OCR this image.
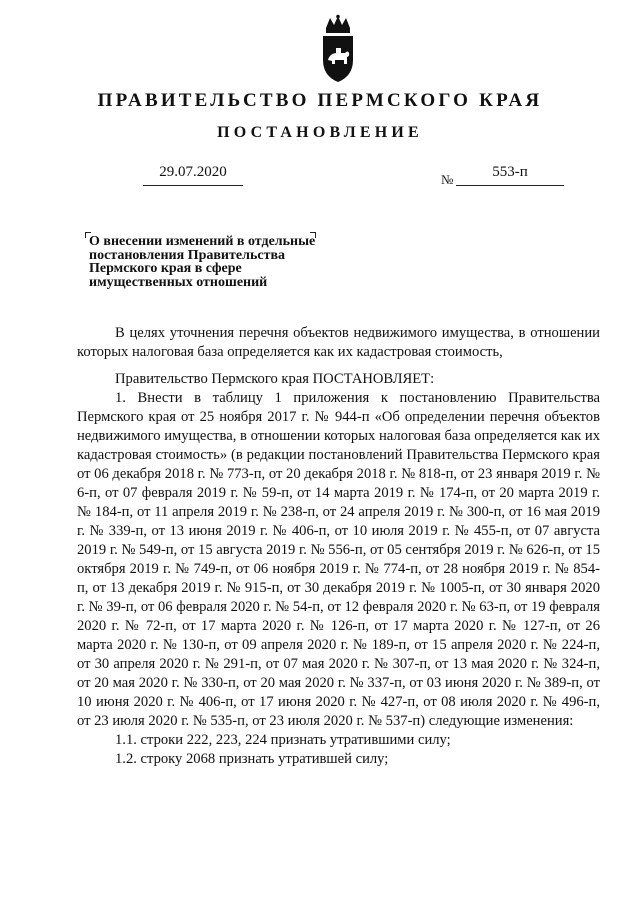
ПРАВИТЕЛЬСТВО ПЕРМСКОГО КРАЯ
ПОСТАНОВЛЕНИЕ
29.07.2020	№	553-п
О внесении изменений в отдельные
постановления Правительства
Пермского края в сфере
имущественных отношений

В целях уточнения перечня объектов недвижимого имущества, в отношении которых налоговая база определяется как их кадастровая стоимость,

Правительство Пермского края ПОСТАНОВЛЯЕТ:

1. Внести в таблицу 1 приложения к постановлению Правительства Пермского края от 25 ноября 2017 г. № 944-п «Об определении перечня объектов недвижимого имущества, в отношении которых налоговая база определяется как их кадастровая стоимость» (в редакции постановлений Правительства Пермского края от 06 декабря 2018 г. № 773-п, от 20 декабря 2018 г. № 818-п, от 23 января 2019 г. № 6-п, от 07 февраля 2019 г. № 59-п, от 14 марта 2019 г. № 174-п, от 20 марта 2019 г. № 184-п, от 11 апреля 2019 г. № 238-п, от 24 апреля 2019 г. № 300-п, от 16 мая 2019 г. № 339-п, от 13 июня 2019 г. № 406-п, от 10 июля 2019 г. № 455-п, от 07 августа 2019 г. № 549-п, от 15 августа 2019 г. № 556-п, от 05 сентября 2019 г. № 626-п, от 15 октября 2019 г. № 749-п, от 06 ноября 2019 г. № 774-п, от 28 ноября 2019 г. № 854-п, от 13 декабря 2019 г. № 915-п, от 30 декабря 2019 г. № 1005-п, от 30 января 2020 г. № 39-п, от 06 февраля 2020 г. № 54-п, от 12 февраля 2020 г. № 63-п, от 19 февраля 2020 г. № 72-п, от 17 марта 2020 г. № 126-п, от 17 марта 2020 г. № 127-п, от 26 марта 2020 г. № 130-п, от 09 апреля 2020 г. № 189-п, от 15 апреля 2020 г. № 224-п, от 30 апреля 2020 г. № 291-п, от 07 мая 2020 г. № 307-п, от 13 мая 2020 г. № 324-п, от 20 мая 2020 г. № 330-п, от 20 мая 2020 г. № 337-п, от 03 июня 2020 г. № 389-п, от 10 июня 2020 г. № 406-п, от 17 июня 2020 г. № 427-п, от 08 июля 2020 г. № 496-п, от 23 июля 2020 г. № 535-п, от 23 июля 2020 г. № 537-п) следующие изменения:

1.1. строки 222, 223, 224 признать утратившими силу;

1.2. строку 2068 признать утратившей силу;
